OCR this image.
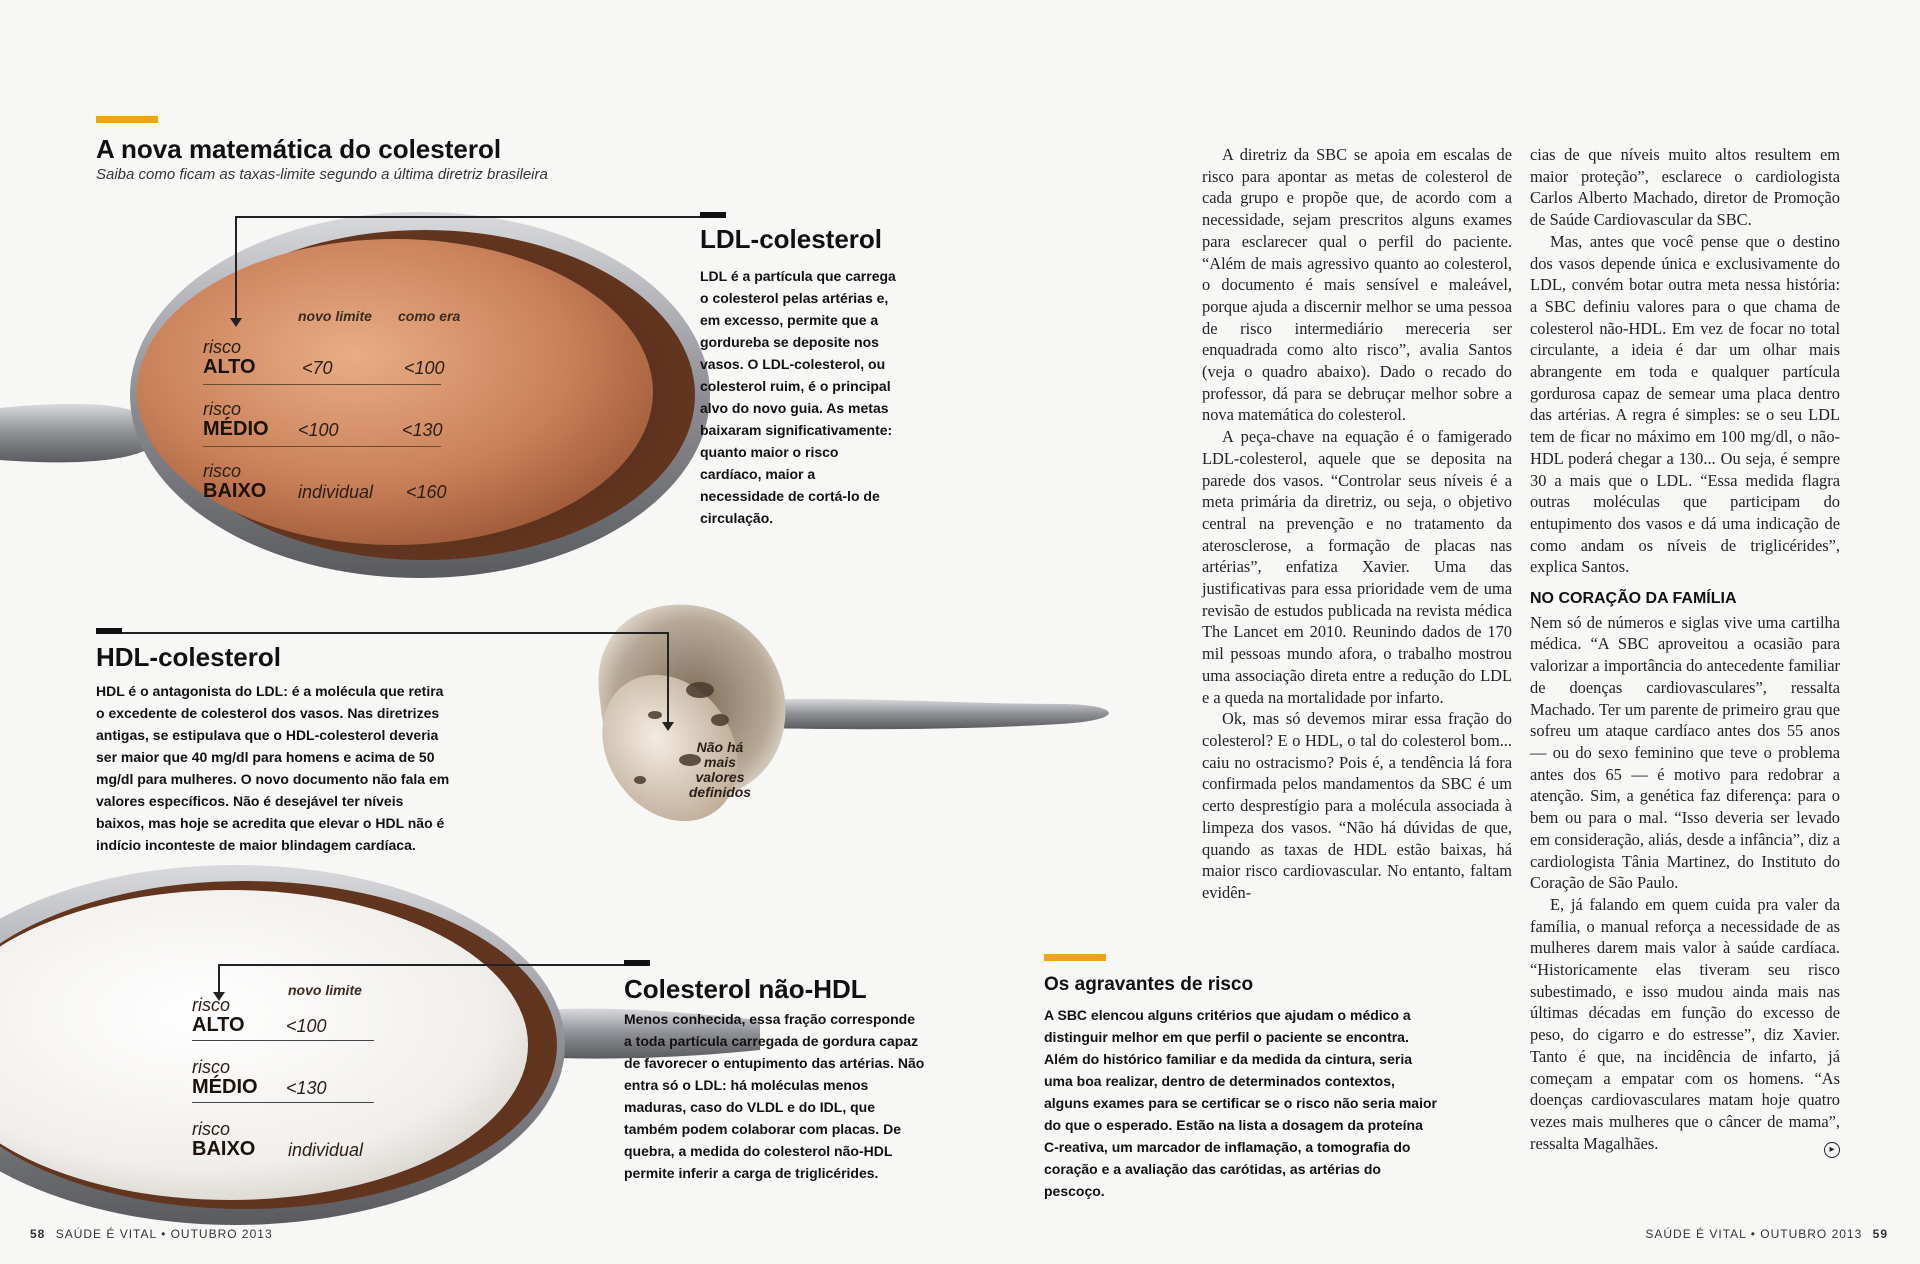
A nova matemática do colesterol
Saiba como ficam as taxas-limite segundo a última diretriz brasileira
LDL-colesterol
LDL é a partícula que carrega o colesterol pelas artérias e, em excesso, permite que a gordureba se deposite nos vasos. O LDL-colesterol, ou colesterol ruim, é o principal alvo do novo guia. As metas baixaram significativamente: quanto maior o risco cardíaco, maior a necessidade de cortá-lo de circulação.
novo limite como era
risco
ALTO	<70	<100
risco
MÉDIO <100	<130
risco
BAIXO individual <160
HDL-colesterol
HDL é o antagonista do LDL: é a molécula que retira o excedente de colesterol dos vasos. Nas diretrizes antigas, se estipulava que o HDL-colesterol deveria ser maior que 40 mg/dl para homens e acima de 50 mg/dl para mulheres. O novo documento não fala em valores específicos. Não é desejável ter níveis baixos, mas hoje se acredita que elevar o HDL não é indício inconteste de maior blindagem cardíaca.
Não há mais valores definidos
Colesterol não-HDL
Menos conhecida, essa fração corresponde a toda partícula carregada de gordura capaz de favorecer o entupimento das artérias. Não entra só o LDL: há moléculas menos maduras, caso do VLDL e do IDL, que também podem colaborar com placas. De quebra, a medida do colesterol não-HDL permite inferir a carga de triglicérides.
novo limite
risco
ALTO <100
risco
MÉDIO <130
risco
BAIXO individual

A diretriz da SBC se apoia em escalas de risco para apontar as metas de colesterol de cada grupo e propõe que, de acordo com a necessidade, sejam prescritos alguns exames para esclarecer qual o perfil do paciente. “Além de mais agressivo quanto ao colesterol, o documento é mais sensível e maleável, porque ajuda a discernir melhor se uma pessoa de risco intermediário mereceria ser enquadrada como alto risco”, avalia Santos (veja o quadro abaixo). Dado o recado do professor, dá para se debruçar melhor sobre a nova matemática do colesterol.

A peça-chave na equação é o famigerado LDL-colesterol, aquele que se deposita na parede dos vasos. “Controlar seus níveis é a meta primária da diretriz, ou seja, o objetivo central na prevenção e no tratamento da aterosclerose, a formação de placas nas artérias”, enfatiza Xavier. Uma das justificativas para essa prioridade vem de uma revisão de estudos publicada na revista médica The Lancet em 2010. Reunindo dados de 170 mil pessoas mundo afora, o trabalho mostrou uma associação direta entre a redução do LDL e a queda na mortalidade por infarto.

Ok, mas só devemos mirar essa fração do colesterol? E o HDL, o tal do colesterol bom... caiu no ostracismo? Pois é, a tendência lá fora confirmada pelos mandamentos da SBC é um certo desprestígio para a molécula associada à limpeza dos vasos. “Não há dúvidas de que, quando as taxas de HDL estão baixas, há maior risco cardiovascular. No entanto, faltam evidên-

cias de que níveis muito altos resultem em maior proteção”, esclarece o cardiologista Carlos Alberto Machado, diretor de Promoção de Saúde Cardiovascular da SBC.

Mas, antes que você pense que o destino dos vasos depende única e exclusivamente do LDL, convém botar outra meta nessa história: a SBC definiu valores para o que chama de colesterol não-HDL. Em vez de focar no total circulante, a ideia é dar um olhar mais abrangente em toda e qualquer partícula gordurosa capaz de semear uma placa dentro das artérias. A regra é simples: se o seu LDL tem de ficar no máximo em 100 mg/dl, o não-HDL poderá chegar a 130... Ou seja, é sempre 30 a mais que o LDL. “Essa medida flagra outras moléculas que participam do entupimento dos vasos e dá uma indicação de como andam os níveis de triglicérides”, explica Santos.

NO CORAÇÃO DA FAMÍLIA

Nem só de números e siglas vive uma cartilha médica. “A SBC aproveitou a ocasião para valorizar a importância do antecedente familiar de doenças cardiovasculares”, ressalta Machado. Ter um parente de primeiro grau que sofreu um ataque cardíaco antes dos 55 anos — ou do sexo feminino que teve o problema antes dos 65 — é motivo para redobrar a atenção. Sim, a genética faz diferença: para o bem ou para o mal. “Isso deveria ser levado em consideração, aliás, desde a infância”, diz a cardiologista Tânia Martinez, do Instituto do Coração de São Paulo.

E, já falando em quem cuida pra valer da família, o manual reforça a necessidade de as mulheres darem mais valor à saúde cardíaca. “Historicamente elas tiveram seu risco subestimado, e isso mudou ainda mais nas últimas décadas em função do excesso de peso, do cigarro e do estresse”, diz Xavier. Tanto é que, na incidência de infarto, já começam a empatar com os homens. “As doenças cardiovasculares matam hoje quatro vezes mais mulheres que o câncer de mama”, ressalta Magalhães.	▸
Os agravantes de risco
A SBC elencou alguns critérios que ajudam o médico a distinguir melhor em que perfil o paciente se encontra. Além do histórico familiar e da medida da cintura, seria uma boa realizar, dentro de determinados contextos, alguns exames para se certificar se o risco não seria maior do que o esperado. Estão na lista a dosagem da proteína C-reativa, um marcador de inflamação, a tomografia do coração e a avaliação das carótidas, as artérias do pescoço.
58 SAÚDE É VITAL • OUTUBRO 2013	SAÚDE É VITAL • OUTUBRO 2013 59
